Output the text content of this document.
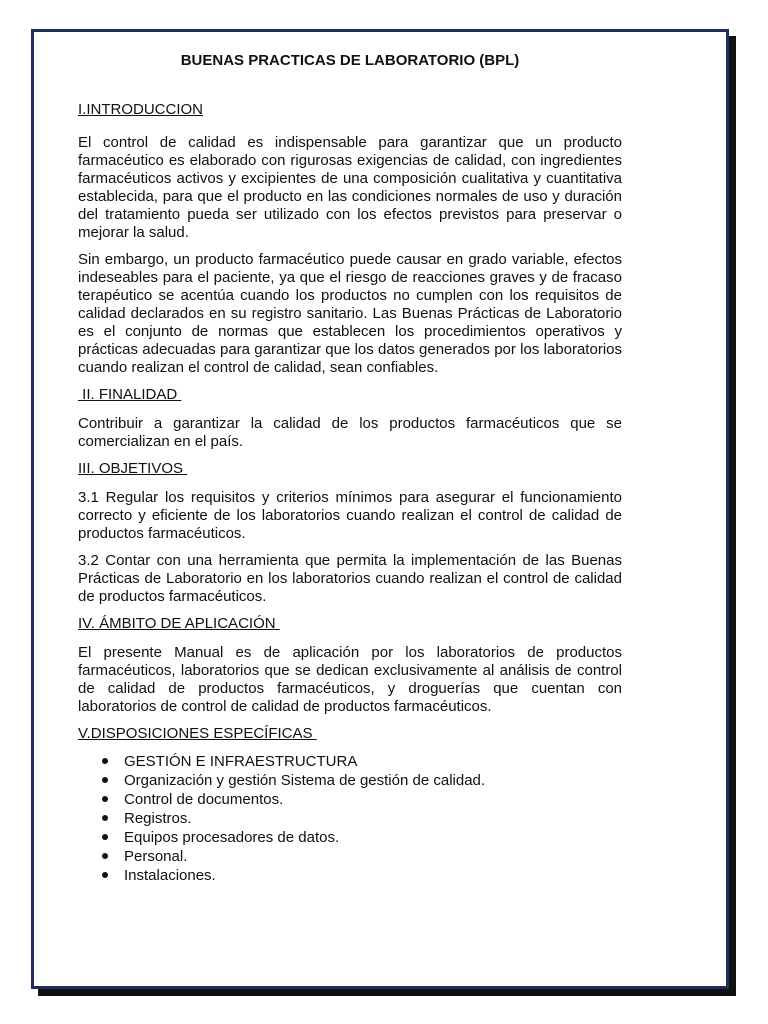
BUENAS PRACTICAS DE LABORATORIO (BPL)
I.INTRODUCCION

El control de calidad es indispensable para garantizar que un producto farmacéutico es elaborado con rigurosas exigencias de calidad, con ingredientes farmacéuticos activos y excipientes de una composición cualitativa y cuantitativa establecida, para que el producto en las condiciones normales de uso y duración del tratamiento pueda ser utilizado con los efectos previstos para preservar o mejorar la salud.

Sin embargo, un producto farmacéutico puede causar en grado variable, efectos indeseables para el paciente, ya que el riesgo de reacciones graves y de fracaso terapéutico se acentúa cuando los productos no cumplen con los requisitos de calidad declarados en su registro sanitario. Las Buenas Prácticas de Laboratorio es el conjunto de normas que establecen los procedimientos operativos y prácticas adecuadas para garantizar que los datos generados por los laboratorios cuando realizan el control de calidad, sean confiables.

II. FINALIDAD

Contribuir a garantizar la calidad de los productos farmacéuticos que se comercializan en el país.

III. OBJETIVOS

3.1 Regular los requisitos y criterios mínimos para asegurar el funcionamiento correcto y eficiente de los laboratorios cuando realizan el control de calidad de productos farmacéuticos.

3.2 Contar con una herramienta que permita la implementación de las Buenas Prácticas de Laboratorio en los laboratorios cuando realizan el control de calidad de productos farmacéuticos.

IV. ÁMBITO DE APLICACIÓN

El presente Manual es de aplicación por los laboratorios de productos farmacéuticos, laboratorios que se dedican exclusivamente al análisis de control de calidad de productos farmacéuticos, y droguerías que cuentan con laboratorios de control de calidad de productos farmacéuticos.

V.DISPOSICIONES ESPECÍFICAS
GESTIÓN E INFRAESTRUCTURA
Organización y gestión Sistema de gestión de calidad.
Control de documentos.
Registros.
Equipos procesadores de datos.
Personal.
Instalaciones.
